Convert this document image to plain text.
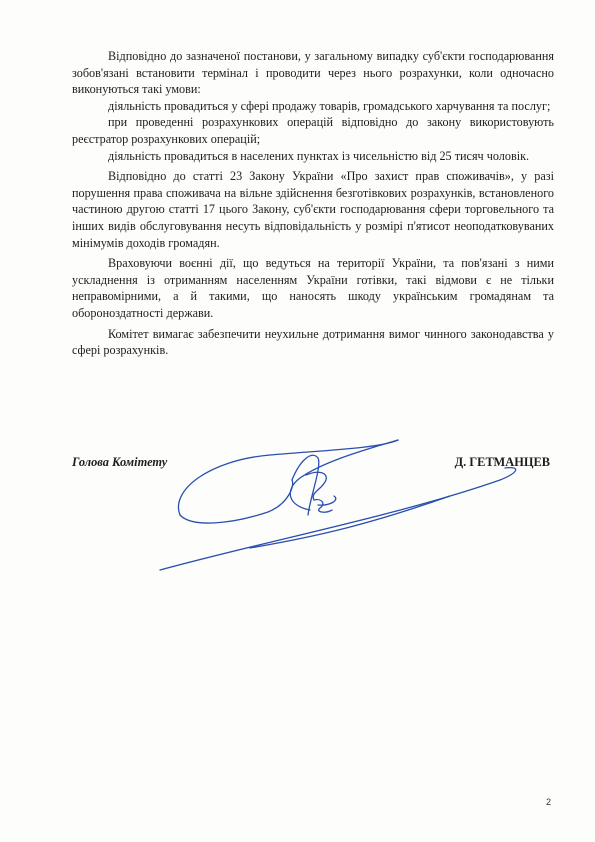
Відповідно до зазначеної постанови, у загальному випадку суб'єкти господарювання зобов'язані встановити термінал і проводити через нього розрахунки, коли одночасно виконуються такі умови:

діяльність провадиться у сфері продажу товарів, громадського харчування та послуг;

при проведенні розрахункових операцій відповідно до закону використовують реєстратор розрахункових операцій;

діяльність провадиться в населених пунктах із чисельністю від 25 тисяч чоловік.

Відповідно до статті 23 Закону України «Про захист прав споживачів», у разі порушення права споживача на вільне здійснення безготівкових розрахунків, встановленого частиною другою статті 17 цього Закону, суб'єкти господарювання сфери торговельного та інших видів обслуговування несуть відповідальність у розмірі п'ятисот неоподатковуваних мінімумів доходів громадян.

Враховуючи воєнні дії, що ведуться на території України, та пов'язані з ними ускладнення із отриманням населенням України готівки, такі відмови є не тільки неправомірними, а й такими, що наносять шкоду українським громадянам та обороноздатності держави.

Комітет вимагає забезпечити неухильне дотримання вимог чинного законодавства у сфері розрахунків.

Голова Комітету	Д. ГЕТМАНЦЕВ
2
